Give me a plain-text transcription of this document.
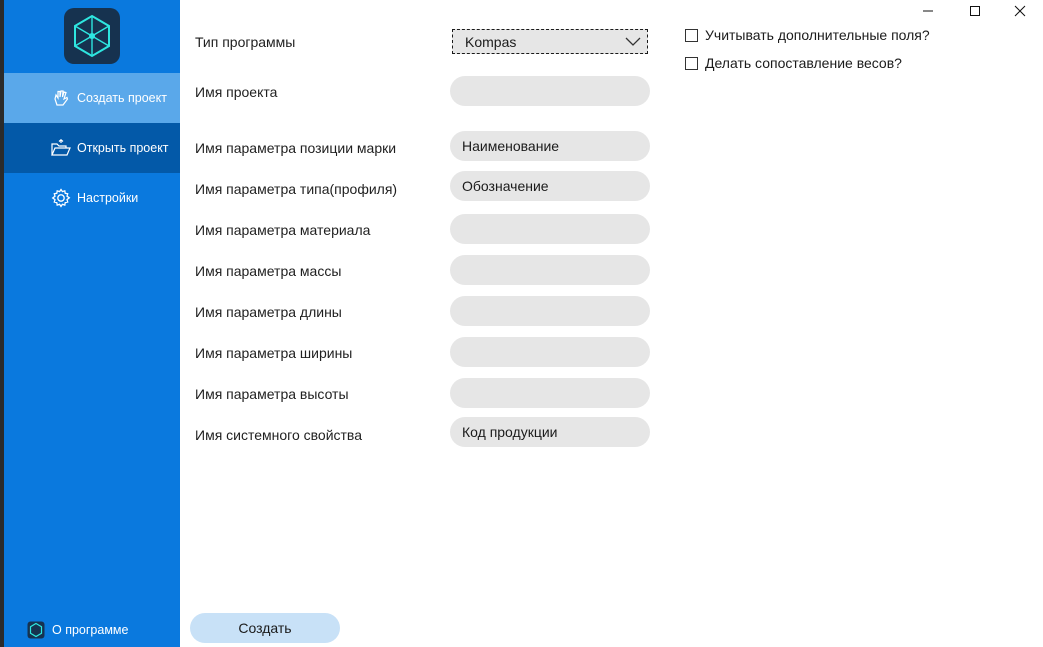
Создать проект
Открыть проект
Настройки
О программе
Тип программы	Kompas
Имя проекта
Имя параметра позиции марки
Наименование
Имя параметра типа(профиля)
Обозначение
Имя параметра материала
Имя параметра массы
Имя параметра длины
Имя параметра ширины
Имя параметра высоты
Имя системного свойства
Код продукции
Учитывать дополнительные поля?
Делать сопоставление весов?
Создать
